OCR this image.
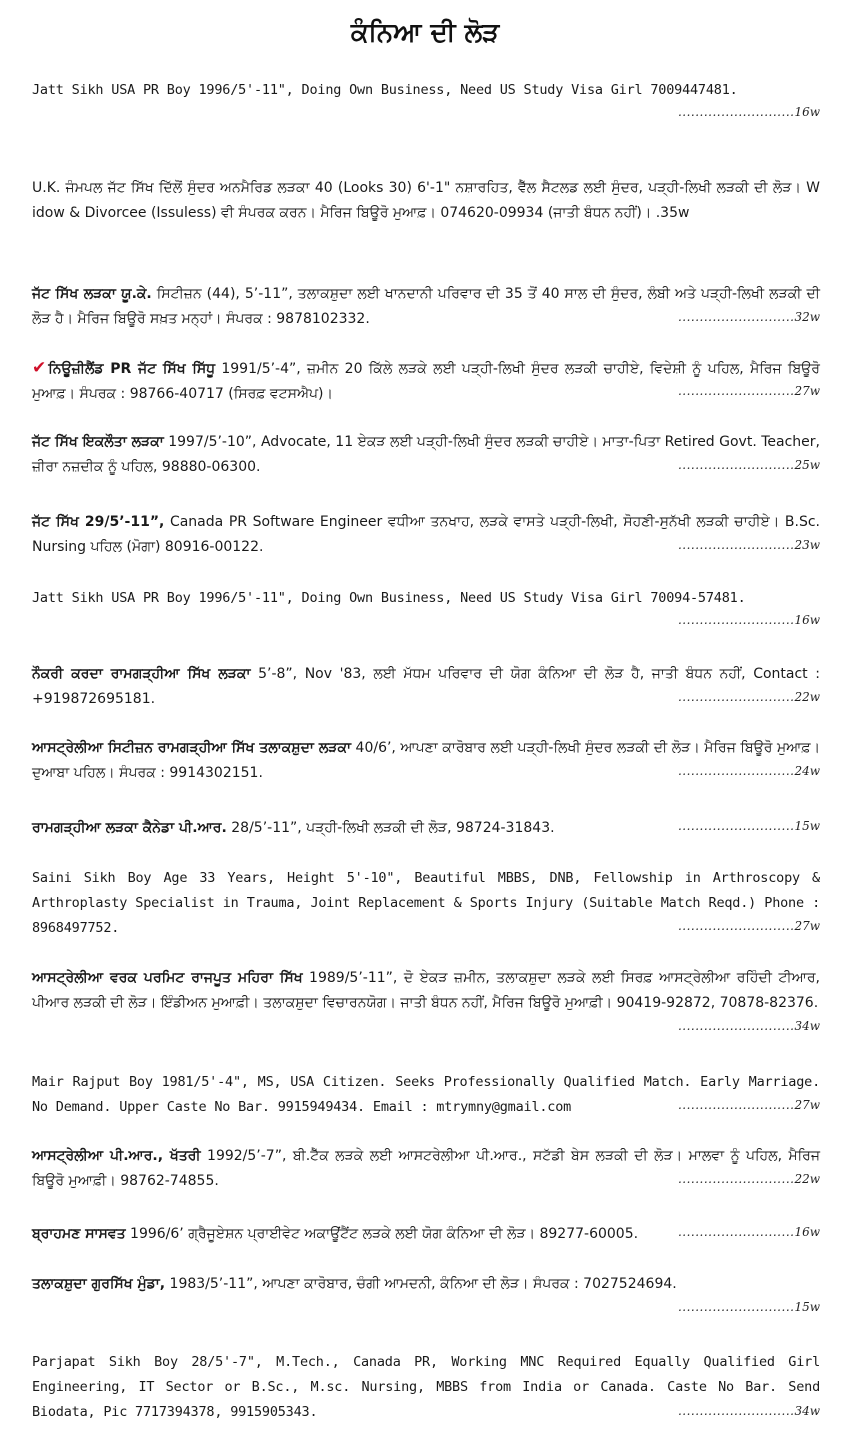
ਕੰਨਿਆ ਦੀ ਲੋੜ

Jatt Sikh USA PR Boy 1996/5'-11", Doing Own Business, Need US Study Visa Girl 7009447481.

...........................16w

U.K. ਜੰਮਪਲ ਜੱਟ ਸਿੱਖ ਦਿੱਲੋਂ ਸੁੰਦਰ ਅਨਮੈਰਿਡ ਲੜਕਾ 40 (Looks 30) 6'-1" ਨਸ਼ਾਰਹਿਤ, ਵੈੱਲ ਸੈਟਲਡ ਲਈ ਸੁੰਦਰ, ਪੜ੍ਹੀ-ਲਿਖੀ ਲੜਕੀ ਦੀ ਲੋੜ। W idow & Divorcee (Issuless) ਵੀ ਸੰਪਰਕ ਕਰਨ। ਮੈਰਿਜ ਬਿਊਰੋ ਮੁਆਫ਼। 074620-09934 (ਜਾਤੀ ਬੰਧਨ ਨਹੀਂ)। .35w

ਜੱਟ ਸਿੱਖ ਲੜਕਾ ਯੂ.ਕੇ. ਸਿਟੀਜ਼ਨ (44), 5’-11”, ਤਲਾਕਸ਼ੁਦਾ ਲਈ ਖਾਨਦਾਨੀ ਪਰਿਵਾਰ ਦੀ 35 ਤੋਂ 40 ਸਾਲ ਦੀ ਸੁੰਦਰ, ਲੰਬੀ ਅਤੇ ਪੜ੍ਹੀ-ਲਿਖੀ ਲੜਕੀ ਦੀ ਲੋੜ ਹੈ। ਮੈਰਿਜ ਬਿਊਰੋ ਸਖ਼ਤ ਮਨ੍ਹਾਂ। ਸੰਪਰਕ : 9878102332.	...........................32w

✔ ਨਿਊਜ਼ੀਲੈਂਡ PR ਜੱਟ ਸਿੱਖ ਸਿੱਧੂ 1991/5’-4”, ਜ਼ਮੀਨ 20 ਕਿੱਲੇ ਲੜਕੇ ਲਈ ਪੜ੍ਹੀ-ਲਿਖੀ ਸੁੰਦਰ ਲੜਕੀ ਚਾਹੀਏ, ਵਿਦੇਸ਼ੀ ਨੂੰ ਪਹਿਲ, ਮੈਰਿਜ ਬਿਊਰੋ ਮੁਆਫ਼। ਸੰਪਰਕ : 98766-40717 (ਸਿਰਫ਼ ਵਟਸਐਪ)।	...........................27w

ਜੱਟ ਸਿੱਖ ਇਕਲੌਤਾ ਲੜਕਾ 1997/5’-10”, Advocate, 11 ਏਕੜ ਲਈ ਪੜ੍ਹੀ-ਲਿਖੀ ਸੁੰਦਰ ਲੜਕੀ ਚਾਹੀਏ। ਮਾਤਾ-ਪਿਤਾ Retired Govt. Teacher, ਜ਼ੀਰਾ ਨਜ਼ਦੀਕ ਨੂੰ ਪਹਿਲ, 98880-06300.	...........................25w

ਜੱਟ ਸਿੱਖ 29/5’-11”, Canada PR Software Engineer ਵਧੀਆ ਤਨਖਾਹ, ਲੜਕੇ ਵਾਸਤੇ ਪੜ੍ਹੀ-ਲਿਖੀ, ਸੋਹਣੀ-ਸੁਨੱਖੀ ਲੜਕੀ ਚਾਹੀਏ। B.Sc. Nursing ਪਹਿਲ (ਮੋਗਾ) 80916-00122.	...........................23w

Jatt Sikh USA PR Boy 1996/5'-11", Doing Own Business, Need US Study Visa Girl 70094-57481.

...........................16w

ਨੌਕਰੀ ਕਰਦਾ ਰਾਮਗੜ੍ਹੀਆ ਸਿੱਖ ਲੜਕਾ 5’-8”, Nov '83, ਲਈ ਮੱਧਮ ਪਰਿਵਾਰ ਦੀ ਯੋਗ ਕੰਨਿਆ ਦੀ ਲੋੜ ਹੈ, ਜਾਤੀ ਬੰਧਨ ਨਹੀਂ, Contact : +919872695181.	...........................22w

ਆਸਟ੍ਰੇਲੀਆ ਸਿਟੀਜ਼ਨ ਰਾਮਗੜ੍ਹੀਆ ਸਿੱਖ ਤਲਾਕਸ਼ੁਦਾ ਲੜਕਾ 40/6’, ਆਪਣਾ ਕਾਰੋਬਾਰ ਲਈ ਪੜ੍ਹੀ-ਲਿਖੀ ਸੁੰਦਰ ਲੜਕੀ ਦੀ ਲੋੜ। ਮੈਰਿਜ ਬਿਊਰੋ ਮੁਆਫ਼। ਦੁਆਬਾ ਪਹਿਲ। ਸੰਪਰਕ : 9914302151.	...........................24w

ਰਾਮਗੜ੍ਹੀਆ ਲੜਕਾ ਕੈਨੇਡਾ ਪੀ.ਆਰ. 28/5’-11”, ਪੜ੍ਹੀ-ਲਿਖੀ ਲੜਕੀ ਦੀ ਲੋੜ, 98724-31843.	...........................15w

Saini Sikh Boy Age 33 Years, Height 5'-10", Beautiful MBBS, DNB, Fellowship in Arthroscopy & Arthroplasty Specialist in Trauma, Joint Replacement & Sports Injury (Suitable Match Reqd.) Phone : 8968497752.	...........................27w

ਆਸਟ੍ਰੇਲੀਆ ਵਰਕ ਪਰਮਿਟ ਰਾਜਪੂਤ ਮਹਿਰਾ ਸਿੱਖ 1989/5’-11”, ਦੋ ਏਕੜ ਜ਼ਮੀਨ, ਤਲਾਕਸ਼ੁਦਾ ਲੜਕੇ ਲਈ ਸਿਰਫ਼ ਆਸਟ੍ਰੇਲੀਆ ਰਹਿੰਦੀ ਟੀਆਰ, ਪੀਆਰ ਲੜਕੀ ਦੀ ਲੋੜ। ਇੰਡੀਅਨ ਮੁਆਫ਼ੀ। ਤਲਾਕਸ਼ੁਦਾ ਵਿਚਾਰਨਯੋਗ। ਜਾਤੀ ਬੰਧਨ ਨਹੀਂ, ਮੈਰਿਜ ਬਿਊਰੋ ਮੁਆਫ਼ੀ। 90419-92872, 70878-82376.

...........................34w

Mair Rajput Boy 1981/5'-4", MS, USA Citizen. Seeks Professionally Qualified Match. Early Marriage. No Demand. Upper Caste No Bar. 9915949434. Email : mtrymny@gmail.com	...........................27w

ਆਸਟ੍ਰੇਲੀਆ ਪੀ.ਆਰ., ਖੱਤਰੀ 1992/5’-7”, ਬੀ.ਟੈੱਕ ਲੜਕੇ ਲਈ ਆਸਟਰੇਲੀਆ ਪੀ.ਆਰ., ਸਟੱਡੀ ਬੇਸ ਲੜਕੀ ਦੀ ਲੋੜ। ਮਾਲਵਾ ਨੂੰ ਪਹਿਲ, ਮੈਰਿਜ ਬਿਊਰੋ ਮੁਆਫ਼ੀ। 98762-74855.	...........................22w

ਬ੍ਰਾਹਮਣ ਸਾਸਵਤ 1996/6’ ਗ੍ਰੈਜੂਏਸ਼ਨ ਪ੍ਰਾਈਵੇਟ ਅਕਾਊਂਟੈਂਟ ਲੜਕੇ ਲਈ ਯੋਗ ਕੰਨਿਆ ਦੀ ਲੋੜ। 89277-60005.	...........................16w

ਤਲਾਕਸ਼ੁਦਾ ਗੁਰਸਿੱਖ ਮੁੰਡਾ, 1983/5’-11”, ਆਪਣਾ ਕਾਰੋਬਾਰ, ਚੰਗੀ ਆਮਦਨੀ, ਕੰਨਿਆ ਦੀ ਲੋੜ। ਸੰਪਰਕ : 7027524694.

...........................15w

Parjapat Sikh Boy 28/5'-7", M.Tech., Canada PR, Working MNC Required Equally Qualified Girl Engineering, IT Sector or B.Sc., M.sc. Nursing, MBBS from India or Canada. Caste No Bar. Send Biodata, Pic 7717394378, 9915905343.	...........................34w
